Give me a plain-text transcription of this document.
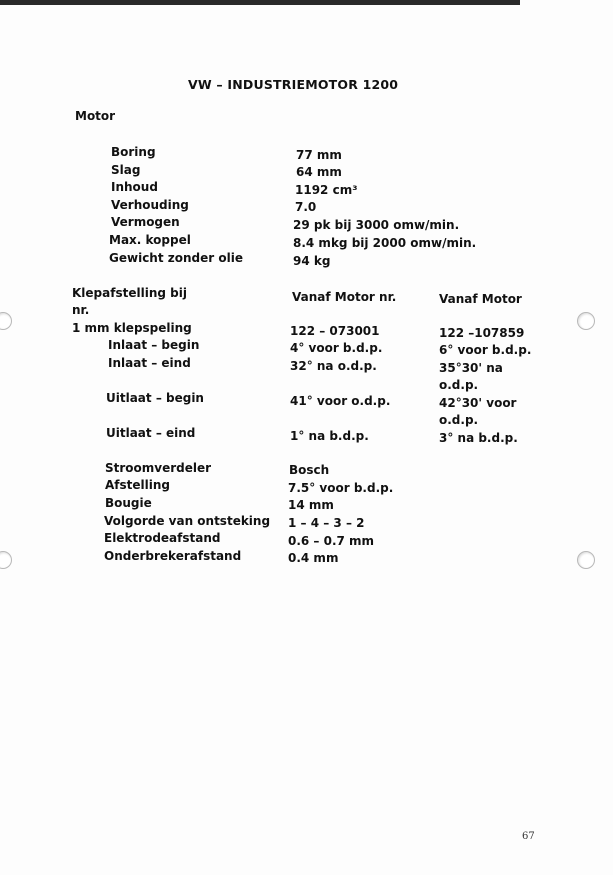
VW – INDUSTRIEMOTOR 1200
Motor
Boring	77 mm
Slag	64 mm
Inhoud	1192 cm³
Verhouding	7.0
Vermogen	29 pk bij 3000 omw/min.
Max. koppel	8.4 mkg bij 2000 omw/min.
Gewicht zonder olie	94 kg
Klepafstelling bij
nr.
Vanaf Motor nr.	Vanaf Motor
1 mm klepspeling	122 – 073001	122 –107859
Inlaat – begin	4° voor b.d.p.	6° voor b.d.p.
Inlaat – eind	32° na o.d.p.	35°30' na
o.d.p.
Uitlaat – begin	41° voor o.d.p.	42°30' voor
o.d.p.
Uitlaat – eind	1° na b.d.p.	3° na b.d.p.
Stroomverdeler	Bosch
Afstelling	7.5° voor b.d.p.
Bougie	14 mm
Volgorde van ontsteking 1 – 4 – 3 – 2
Elektrodeafstand	0.6 – 0.7 mm
Onderbrekerafstand	0.4 mm
67
